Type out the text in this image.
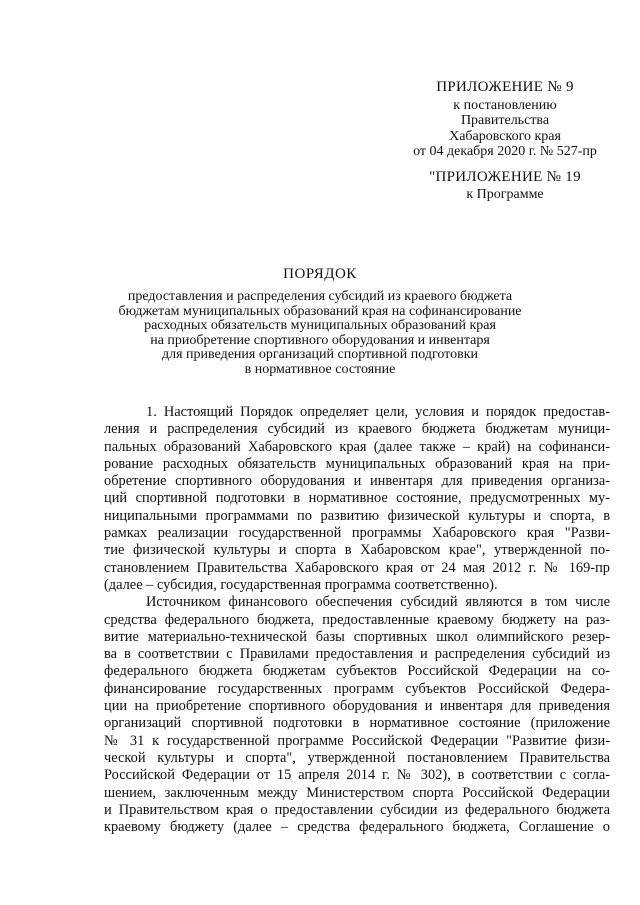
ПРИЛОЖЕНИЕ № 9
к постановлению
Правительства
Хабаровского края
от 04 декабря 2020 г. № 527-пр
"ПРИЛОЖЕНИЕ № 19
к Программе
ПОРЯДОК
предоставления и распределения субсидий из краевого бюджета
бюджетам муниципальных образований края на софинансирование
расходных обязательств муниципальных образований края
на приобретение спортивного оборудования и инвентаря
для приведения организаций спортивной подготовки
в нормативное состояние
1. Настоящий Порядок определяет цели, условия и порядок предостав-
ления и распределения субсидий из краевого бюджета бюджетам муници-
пальных образований Хабаровского края (далее также – край) на софинанси-
рование расходных обязательств муниципальных образований края на при-
обретение спортивного оборудования и инвентаря для приведения организа-
ций спортивной подготовки в нормативное состояние, предусмотренных му-
ниципальными программами по развитию физической культуры и спорта, в
рамках реализации государственной программы Хабаровского края "Разви-
тие физической культуры и спорта в Хабаровском крае", утвержденной по-
становлением Правительства Хабаровского края от 24 мая 2012 г. № 169-пр
(далее – субсидия, государственная программа соответственно).
Источником финансового обеспечения субсидий являются в том числе
средства федерального бюджета, предоставленные краевому бюджету на раз-
витие материально-технической базы спортивных школ олимпийского резер-
ва в соответствии с Правилами предоставления и распределения субсидий из
федерального бюджета бюджетам субъектов Российской Федерации на со-
финансирование государственных программ субъектов Российской Федера-
ции на приобретение спортивного оборудования и инвентаря для приведения
организаций спортивной подготовки в нормативное состояние (приложение
№ 31 к государственной программе Российской Федерации "Развитие физи-
ческой культуры и спорта", утвержденной постановлением Правительства
Российской Федерации от 15 апреля 2014 г. № 302), в соответствии с согла-
шением, заключенным между Министерством спорта Российской Федерации
и Правительством края о предоставлении субсидии из федерального бюджета
краевому бюджету (далее – средства федерального бюджета, Соглашение о
